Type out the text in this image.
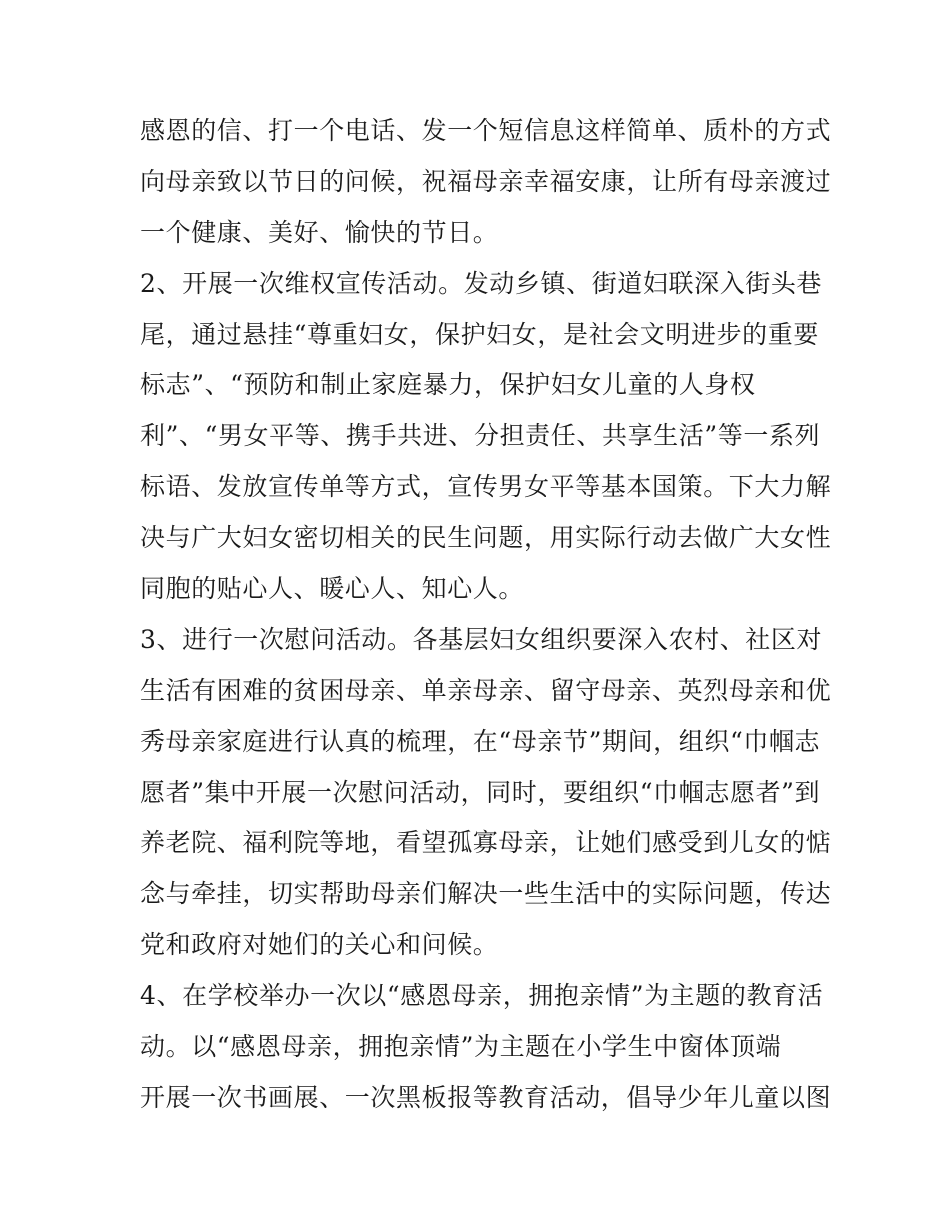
感恩的信、打一个电话、发一个短信息这样简单、质朴的方式
向母亲致以节日的问候，祝福母亲幸福安康，让所有母亲渡过
一个健康、美好、愉快的节日。
2、开展一次维权宣传活动。发动乡镇、街道妇联深入街头巷
尾，通过悬挂“尊重妇女，保护妇女，是社会文明进步的重要
标志”、“预防和制止家庭暴力，保护妇女儿童的人身权
利”、“男女平等、携手共进、分担责任、共享生活”等一系列
标语、发放宣传单等方式，宣传男女平等基本国策。下大力解
决与广大妇女密切相关的民生问题，用实际行动去做广大女性
同胞的贴心人、暖心人、知心人。
3、进行一次慰问活动。各基层妇女组织要深入农村、社区对
生活有困难的贫困母亲、单亲母亲、留守母亲、英烈母亲和优
秀母亲家庭进行认真的梳理，在“母亲节”期间，组织“巾帼志
愿者”集中开展一次慰问活动，同时，要组织“巾帼志愿者”到
养老院、福利院等地，看望孤寡母亲，让她们感受到儿女的惦
念与牵挂，切实帮助母亲们解决一些生活中的实际问题，传达
党和政府对她们的关心和问候。
4、在学校举办一次以“感恩母亲，拥抱亲情”为主题的教育活
动。以“感恩母亲，拥抱亲情”为主题在小学生中窗体顶端
开展一次书画展、一次黑板报等教育活动，倡导少年儿童以图
